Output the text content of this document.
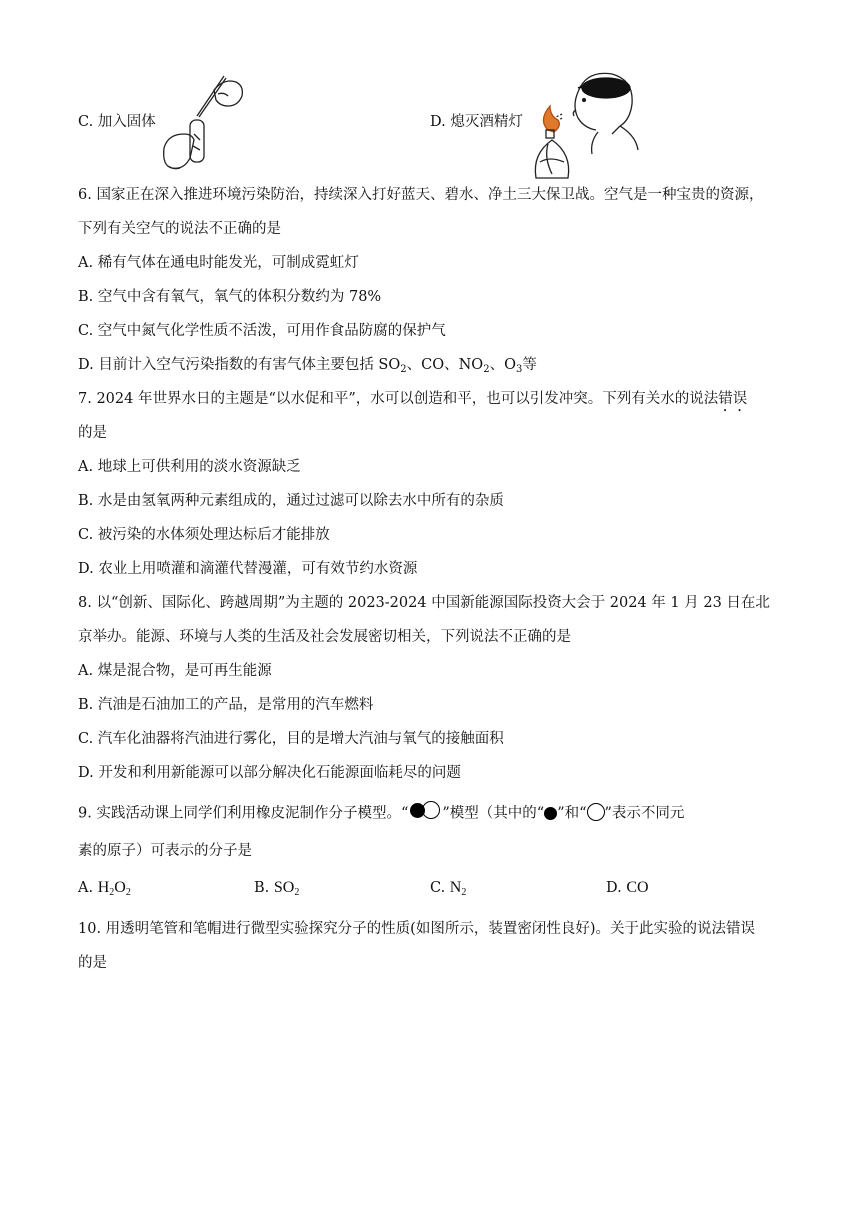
C. 加入固体	D. 熄灭酒精灯
6. 国家正在深入推进环境污染防治，持续深入打好蓝天、碧水、净土三大保卫战。空气是一种宝贵的资源，
下列有关空气的说法不正确的是
A. 稀有气体在通电时能发光，可制成霓虹灯
B. 空气中含有氧气，氧气的体积分数约为 78%
C. 空气中氮气化学性质不活泼，可用作食品防腐的保护气
D. 目前计入空气污染指数的有害气体主要包括 $SO_2$、CO、$NO_2$、$O_3$等
7. 2024 年世界水日的主题是“以水促和平”，水可以创造和平，也可以引发冲突。下列有关水的说法错误
的是
A. 地球上可供利用的淡水资源缺乏
B. 水是由氢氧两种元素组成的，通过过滤可以除去水中所有的杂质
C. 被污染的水体须处理达标后才能排放
D. 农业上用喷灌和滴灌代替漫灌，可有效节约水资源
8. 以“创新、国际化、跨越周期”为主题的 2023-2024 中国新能源国际投资大会于 2024 年 1 月 23 日在北
京举办。能源、环境与人类的生活及社会发展密切相关，下列说法不正确的是
A. 煤是混合物，是可再生能源
B. 汽油是石油加工的产品，是常用的汽车燃料
C. 汽车化油器将汽油进行雾化，目的是增大汽油与氧气的接触面积
D. 开发和利用新能源可以部分解决化石能源面临耗尽的问题
9. 实践活动课上同学们利用橡皮泥制作分子模型。“ ”模型（其中的“ ”和“ ”表示不同元
素的原子）可表示的分子是
A. $H_2O_2$	B. $SO_2$	C. $N_2$	D. CO
10. 用透明笔管和笔帽进行微型实验探究分子的性质(如图所示，装置密闭性良好)。关于此实验的说法错误
的是
